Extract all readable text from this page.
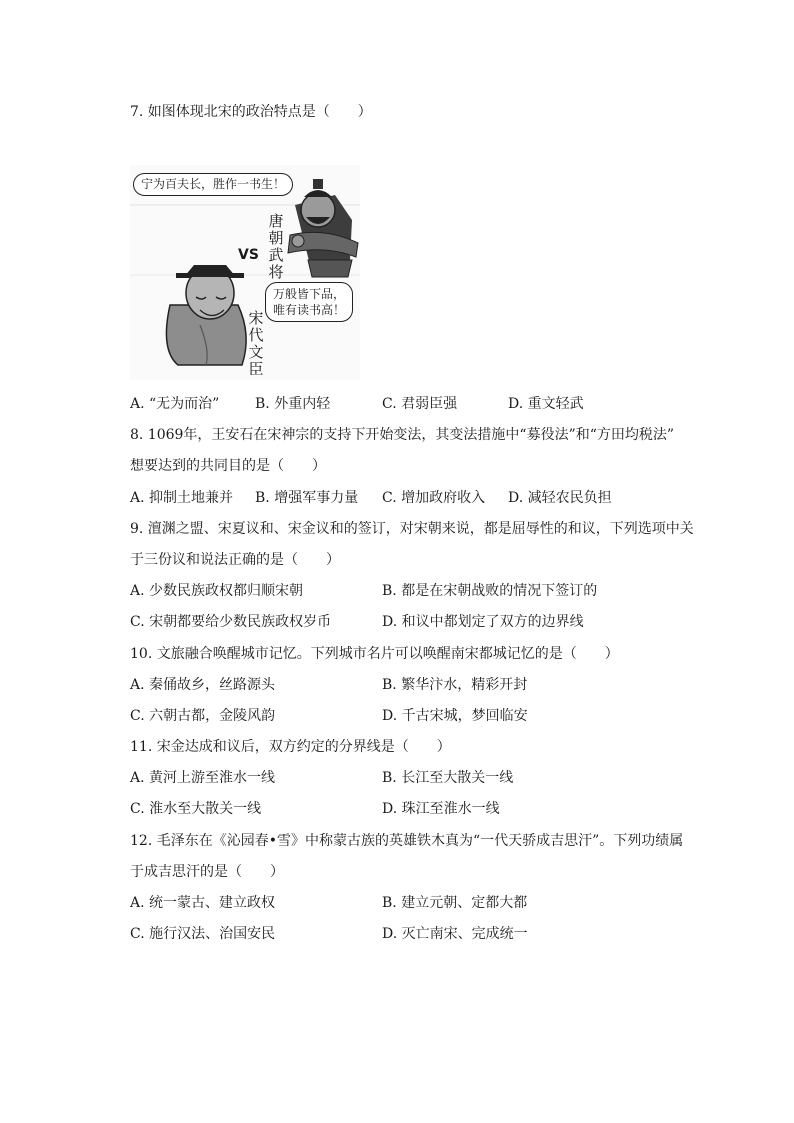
7. 如图体现北宋的政治特点是（　　）
宁为百夫长，胜作一书生！
VS
唐
朝
武
将
万般皆下品，
唯有读书高！
宋
代
文
臣
A. “无为而治”	B. 外重内轻	C. 君弱臣强	D. 重文轻武
8. 1069年，王安石在宋神宗的支持下开始变法，其变法措施中“募役法”和“方田均税法”
想要达到的共同目的是（　　）
A. 抑制土地兼并 B. 增强军事力量 C. 增加政府收入 D. 减轻农民负担
9. 澶渊之盟、宋夏议和、宋金议和的签订，对宋朝来说，都是屈辱性的和议，下列选项中关
于三份议和说法正确的是（　　）
A. 少数民族政权都归顺宋朝	B. 都是在宋朝战败的情况下签订的
C. 宋朝都要给少数民族政权岁币	D. 和议中都划定了双方的边界线
10. 文旅融合唤醒城市记忆。下列城市名片可以唤醒南宋都城记忆的是（　　）
A. 秦俑故乡，丝路源头	B. 繁华汴水，精彩开封
C. 六朝古都，金陵风韵	D. 千古宋城，梦回临安
11. 宋金达成和议后，双方约定的分界线是（　　）
A. 黄河上游至淮水一线	B. 长江至大散关一线
C. 淮水至大散关一线	D. 珠江至淮水一线
12. 毛泽东在《沁园春•雪》中称蒙古族的英雄铁木真为“一代天骄成吉思汗”。下列功绩属
于成吉思汗的是（　　）
A. 统一蒙古、建立政权	B. 建立元朝、定都大都
C. 施行汉法、治国安民	D. 灭亡南宋、完成统一
